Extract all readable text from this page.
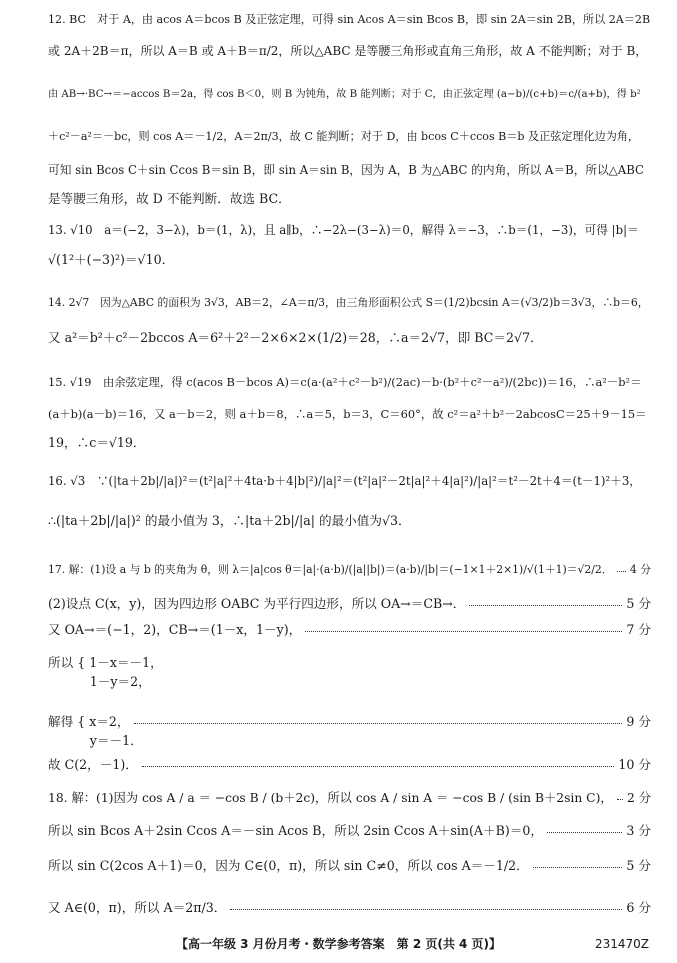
12. BC　对于 A，由 acos A＝bcos B 及正弦定理，可得 sin Acos A＝sin Bcos B，即 sin 2A＝sin 2B，所以 2A＝2B
或 2A＋2B＝π，所以 A＝B 或 A＋B＝π/2，所以△ABC 是等腰三角形或直角三角形，故 A 不能判断；对于 B，
由 AB→·BC→＝−accos B＝2a，得 cos B＜0，则 B 为钝角，故 B 能判断；对于 C，由正弦定理 (a−b)/(c+b)＝c/(a+b)，得 b²
＋c²－a²＝－bc，则 cos A＝－1/2，A＝2π/3，故 C 能判断；对于 D，由 bcos C＋ccos B＝b 及正弦定理化边为角，
可知 sin Bcos C＋sin Ccos B＝sin B，即 sin A＝sin B，因为 A，B 为△ABC 的内角，所以 A＝B，所以△ABC
是等腰三角形，故 D 不能判断．故选 BC．
13. √10　a＝(−2，3−λ)，b＝(1，λ)，且 a∥b，∴−2λ−(3−λ)＝0，解得 λ＝−3，∴b＝(1，−3)，可得 |b|＝
√(1²＋(−3)²)＝√10．
14. 2√7　因为△ABC 的面积为 3√3，AB＝2，∠A＝π/3，由三角形面积公式 S＝(1/2)bcsin A＝(√3/2)b＝3√3，∴b＝6，
又 a²＝b²＋c²－2bccos A＝6²＋2²－2×6×2×(1/2)＝28，∴a＝2√7，即 BC＝2√7．
15. √19　由余弦定理，得 c(acos B－bcos A)＝c(a·(a²＋c²－b²)/(2ac)－b·(b²＋c²－a²)/(2bc))＝16，∴a²－b²＝
(a＋b)(a－b)＝16，又 a－b＝2，则 a＋b＝8，∴a＝5，b＝3，C＝60°，故 c²＝a²＋b²－2abcosC＝25＋9－15＝
19，∴c＝√19．
16. √3　∵(|ta＋2b|/|a|)²＝(t²|a|²＋4ta·b＋4|b|²)/|a|²＝(t²|a|²－2t|a|²＋4|a|²)/|a|²＝t²－2t＋4＝(t－1)²＋3，
∴(|ta＋2b|/|a|)² 的最小值为 3，∴|ta＋2b|/|a| 的最小值为√3．
17. 解：(1)设 a 与 b 的夹角为 θ，则 λ＝|a|cos θ＝|a|·(a·b)/(|a||b|)＝(a·b)/|b|＝(−1×1＋2×1)/√(1＋1)＝√2/2． 4 分
(2)设点 C(x，y)，因为四边形 OABC 为平行四边形，所以 OA→＝CB→．	5 分
又 OA→＝(−1，2)，CB→＝(1－x，1－y)，	7 分
所以 { 1－x＝－1，
　　　 1－y＝2，
解得 { x＝2，	9 分
　　　 y＝－1．
故 C(2，－1)．	10 分
18. 解：(1)因为 cos A / a ＝ −cos B / (b＋2c)，所以 cos A / sin A ＝ −cos B / (sin B＋2sin C)， 2 分
所以 sin Bcos A＋2sin Ccos A＝－sin Acos B，所以 2sin Ccos A＋sin(A＋B)＝0，	3 分
所以 sin C(2cos A＋1)＝0，因为 C∈(0，π)，所以 sin C≠0，所以 cos A＝－1/2．	5 分
又 A∈(0，π)，所以 A＝2π/3．	6 分
【高一年级 3 月份月考・数学参考答案　第 2 页(共 4 页)】	231470Z
